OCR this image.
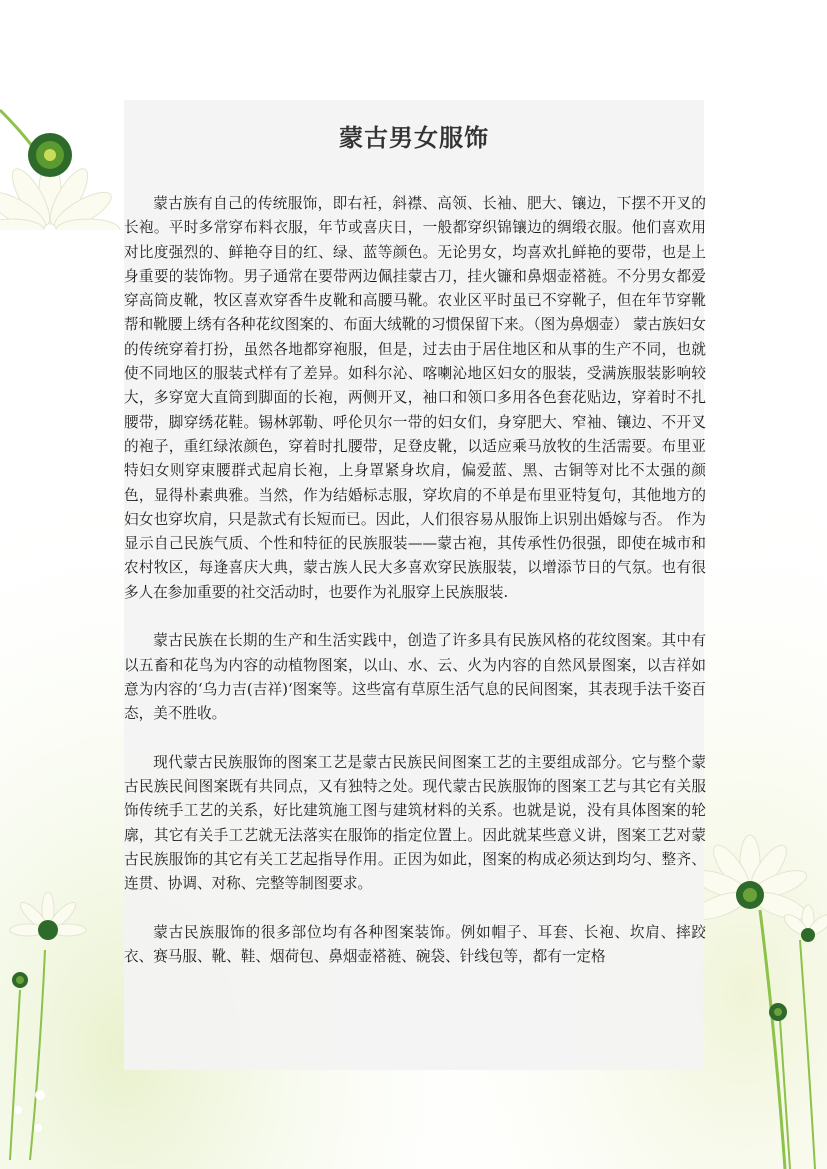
蒙古男女服饰

蒙古族有自己的传统服饰，即右衽，斜襟、高领、长袖、肥大、镶边，下摆不开叉的长袍。平时多常穿布料衣服，年节或喜庆日，一般都穿织锦镶边的绸缎衣服。他们喜欢用对比度强烈的、鲜艳夺目的红、绿、蓝等颜色。无论男女，均喜欢扎鲜艳的要带，也是上身重要的装饰物。男子通常在要带两边佩挂蒙古刀，挂火镰和鼻烟壶褡裢。不分男女都爱穿高筒皮靴，牧区喜欢穿香牛皮靴和高腰马靴。农业区平时虽已不穿靴子，但在年节穿靴帮和靴腰上绣有各种花纹图案的、布面大绒靴的习惯保留下来。（图为鼻烟壶） 蒙古族妇女的传统穿着打扮，虽然各地都穿袍服，但是，过去由于居住地区和从事的生产不同，也就使不同地区的服装式样有了差异。如科尔沁、喀喇沁地区妇女的服装，受满族服装影响较大，多穿宽大直筒到脚面的长袍，两侧开叉，袖口和领口多用各色套花贴边，穿着时不扎腰带，脚穿绣花鞋。锡林郭勒、呼伦贝尔一带的妇女们，身穿肥大、窄袖、镶边、不开叉的袍子，重红绿浓颜色，穿着时扎腰带，足登皮靴，以适应乘马放牧的生活需要。布里亚特妇女则穿束腰群式起肩长袍，上身罩紧身坎肩，偏爱蓝、黑、古铜等对比不太强的颜色，显得朴素典雅。当然，作为结婚标志服，穿坎肩的不单是布里亚特复句，其他地方的妇女也穿坎肩，只是款式有长短而已。因此，人们很容易从服饰上识别出婚嫁与否。 作为显示自己民族气质、个性和特征的民族服装——蒙古袍，其传承性仍很强，即使在城市和农村牧区，每逢喜庆大典，蒙古族人民大多喜欢穿民族服装，以增添节日的气氛。也有很多人在参加重要的社交活动时，也要作为礼服穿上民族服装.

蒙古民族在长期的生产和生活实践中，创造了许多具有民族风格的花纹图案。其中有以五畜和花鸟为内容的动植物图案，以山、水、云、火为内容的自然风景图案，以吉祥如意为内容的‘乌力吉(吉祥)‘图案等。这些富有草原生活气息的民间图案，其表现手法千姿百态，美不胜收。

现代蒙古民族服饰的图案工艺是蒙古民族民间图案工艺的主要组成部分。它与整个蒙古民族民间图案既有共同点，又有独特之处。现代蒙古民族服饰的图案工艺与其它有关服饰传统手工艺的关系，好比建筑施工图与建筑材料的关系。也就是说，没有具体图案的轮廓，其它有关手工艺就无法落实在服饰的指定位置上。因此就某些意义讲，图案工艺对蒙古民族服饰的其它有关工艺起指导作用。正因为如此，图案的构成必须达到均匀、整齐、连贯、协调、对称、完整等制图要求。

蒙古民族服饰的很多部位均有各种图案装饰。例如帽子、耳套、长袍、坎肩、摔跤衣、赛马服、靴、鞋、烟荷包、鼻烟壶褡裢、碗袋、针线包等，都有一定格
